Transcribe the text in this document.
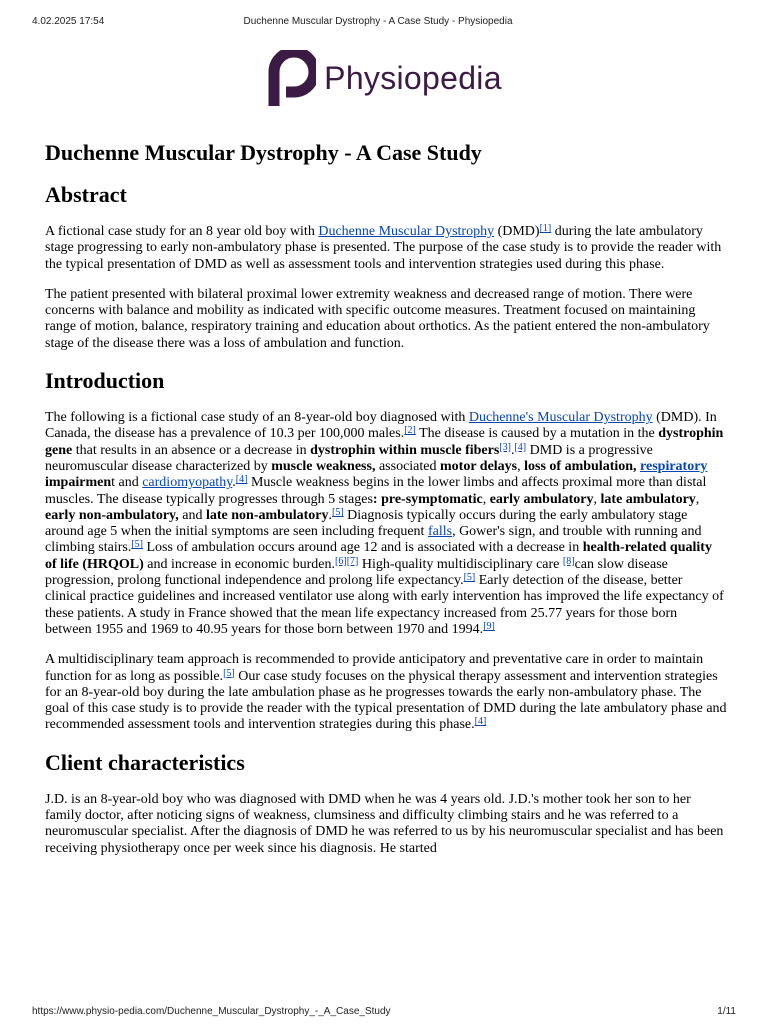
4.02.2025 17:54	Duchenne Muscular Dystrophy - A Case Study - Physiopedia
Physiopedia
Duchenne Muscular Dystrophy - A Case Study
Abstract

A fictional case study for an 8 year old boy with Duchenne Muscular Dystrophy (DMD)[1] during the late ambulatory stage progressing to early non-ambulatory phase is presented. The purpose of the case study is to provide the reader with the typical presentation of DMD as well as assessment tools and intervention strategies used during this phase.

The patient presented with bilateral proximal lower extremity weakness and decreased range of motion. There were concerns with balance and mobility as indicated with specific outcome measures. Treatment focused on maintaining range of motion, balance, respiratory training and education about orthotics. As the patient entered the non-ambulatory stage of the disease there was a loss of ambulation and function.

Introduction

The following is a fictional case study of an 8-year-old boy diagnosed with Duchenne's Muscular Dystrophy (DMD). In Canada, the disease has a prevalence of 10.3 per 100,000 males.[2] The disease is caused by a mutation in the dystrophin gene that results in an absence or a decrease in dystrophin within muscle fibers[3].[4] DMD is a progressive neuromuscular disease characterized by muscle weakness, associated motor delays, loss of ambulation, respiratory impairment and cardiomyopathy.[4] Muscle weakness begins in the lower limbs and affects proximal more than distal muscles. The disease typically progresses through 5 stages: pre-symptomatic, early ambulatory, late ambulatory, early non-ambulatory, and late non-ambulatory.[5] Diagnosis typically occurs during the early ambulatory stage around age 5 when the initial symptoms are seen including frequent falls, Gower's sign, and trouble with running and climbing stairs.[5] Loss of ambulation occurs around age 12 and is associated with a decrease in health-related quality of life (HRQOL) and increase in economic burden.[6][7] High-quality multidisciplinary care [8]can slow disease progression, prolong functional independence and prolong life expectancy.[5] Early detection of the disease, better clinical practice guidelines and increased ventilator use along with early intervention has improved the life expectancy of these patients. A study in France showed that the mean life expectancy increased from 25.77 years for those born between 1955 and 1969 to 40.95 years for those born between 1970 and 1994.[9]

A multidisciplinary team approach is recommended to provide anticipatory and preventative care in order to maintain function for as long as possible.[5] Our case study focuses on the physical therapy assessment and intervention strategies for an 8-year-old boy during the late ambulation phase as he progresses towards the early non-ambulatory phase. The goal of this case study is to provide the reader with the typical presentation of DMD during the late ambulatory phase and recommended assessment tools and intervention strategies during this phase.[4]

Client characteristics

J.D. is an 8-year-old boy who was diagnosed with DMD when he was 4 years old. J.D.'s mother took her son to her family doctor, after noticing signs of weakness, clumsiness and difficulty climbing stairs and he was referred to a neuromuscular specialist. After the diagnosis of DMD he was referred to us by his neuromuscular specialist and has been receiving physiotherapy once per week since his diagnosis. He started

https://www.physio-pedia.com/Duchenne_Muscular_Dystrophy_-_A_Case_Study	1/11
